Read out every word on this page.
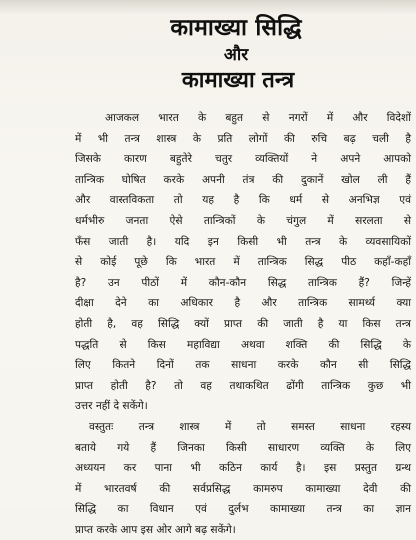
कामाख्या सिद्धि
और
कामाख्या तन्त्र
आजकल भारत के बहुत से नगरों में और विदेशों
में भी तन्त्र शास्त्र के प्रति लोगों की रुचि बढ़ चली है
जिसके कारण बहुतेरे चतुर व्यक्तियों ने अपने आपको
तान्त्रिक घोषित करके अपनी तंत्र की दुकानें खोल ली हैं
और वास्तविकता तो यह है कि धर्म से अनभिज्ञ एवं
धर्मभीरु जनता ऐसे तान्त्रिकों के चंगुल में सरलता से
फँस जाती है। यदि इन किसी भी तन्त्र के व्यवसायिकों
से कोई पूछे कि भारत में तान्त्रिक सिद्ध पीठ कहाँ-कहाँ
है? उन पीठों में कौन-कौन सिद्ध तान्त्रिक हैं? जिन्हें
दीक्षा देने का अधिकार है और तान्त्रिक सामर्थ्य क्या
होती है, वह सिद्धि क्यों प्राप्त की जाती है या किस तन्त्र
पद्धति से किस महाविद्या अथवा शक्ति की सिद्धि के
लिए कितने दिनों तक साधना करके कौन सी सिद्धि
प्राप्त होती है? तो वह तथाकथित ढोंगी तान्त्रिक कुछ भी
उत्तर नहीं दे सकेंगे।
वस्तुतः तन्त्र शास्त्र में तो समस्त साधना रहस्य
बताये गये हैं जिनका किसी साधारण व्यक्ति के लिए
अध्ययन कर पाना भी कठिन कार्य है। इस प्रस्तुत ग्रन्थ
में भारतवर्ष की सर्वप्रसिद्ध कामरुप कामाख्या देवी की
सिद्धि का विधान एवं दुर्लभ कामाख्या तन्त्र का ज्ञान
प्राप्त करके आप इस ओर आगे बढ़ सकेंगे।
